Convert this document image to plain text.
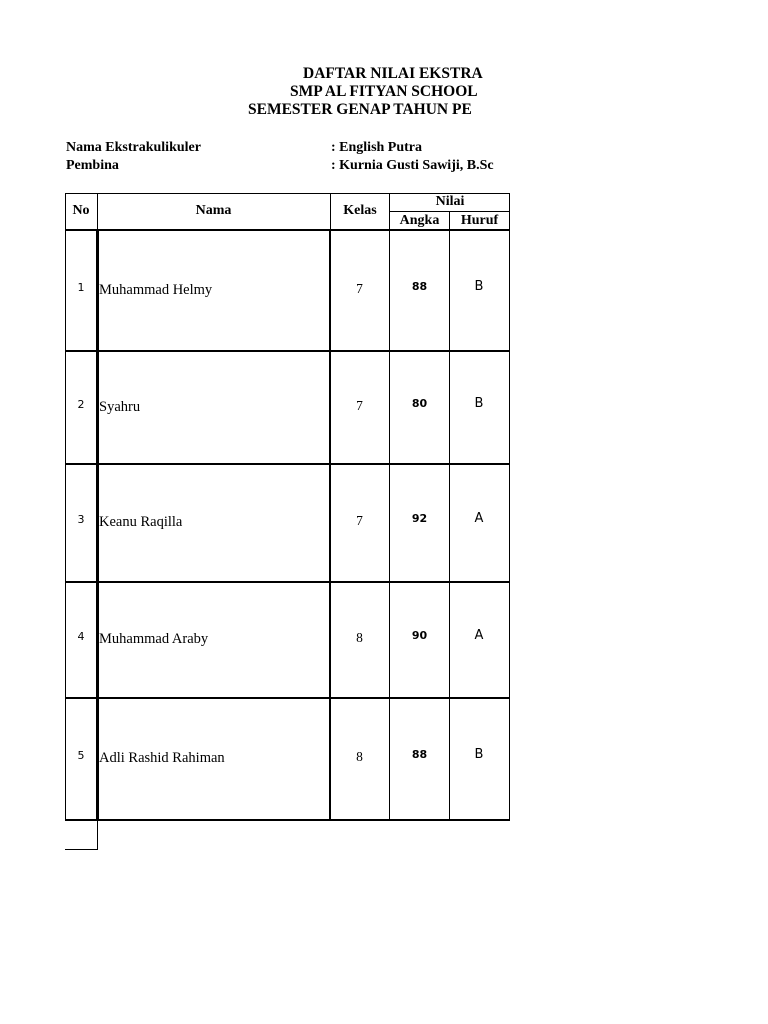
DAFTAR NILAI EKSTRA
SMP AL FITYAN SCHOOL
SEMESTER GENAP TAHUN PE
Nama Ekstrakulikuler	: English Putra
Pembina	: Kurnia Gusti Sawiji, B.Sc
No	Nama	Kelas
Nilai
Angka	Huruf
1	Muhammad Helmy	7	88	B
2	Syahru	7	80	B
3	Keanu Raqilla	7	92	A
4	Muhammad Araby	8	90	A
5	Adli Rashid Rahiman	8	88	B
